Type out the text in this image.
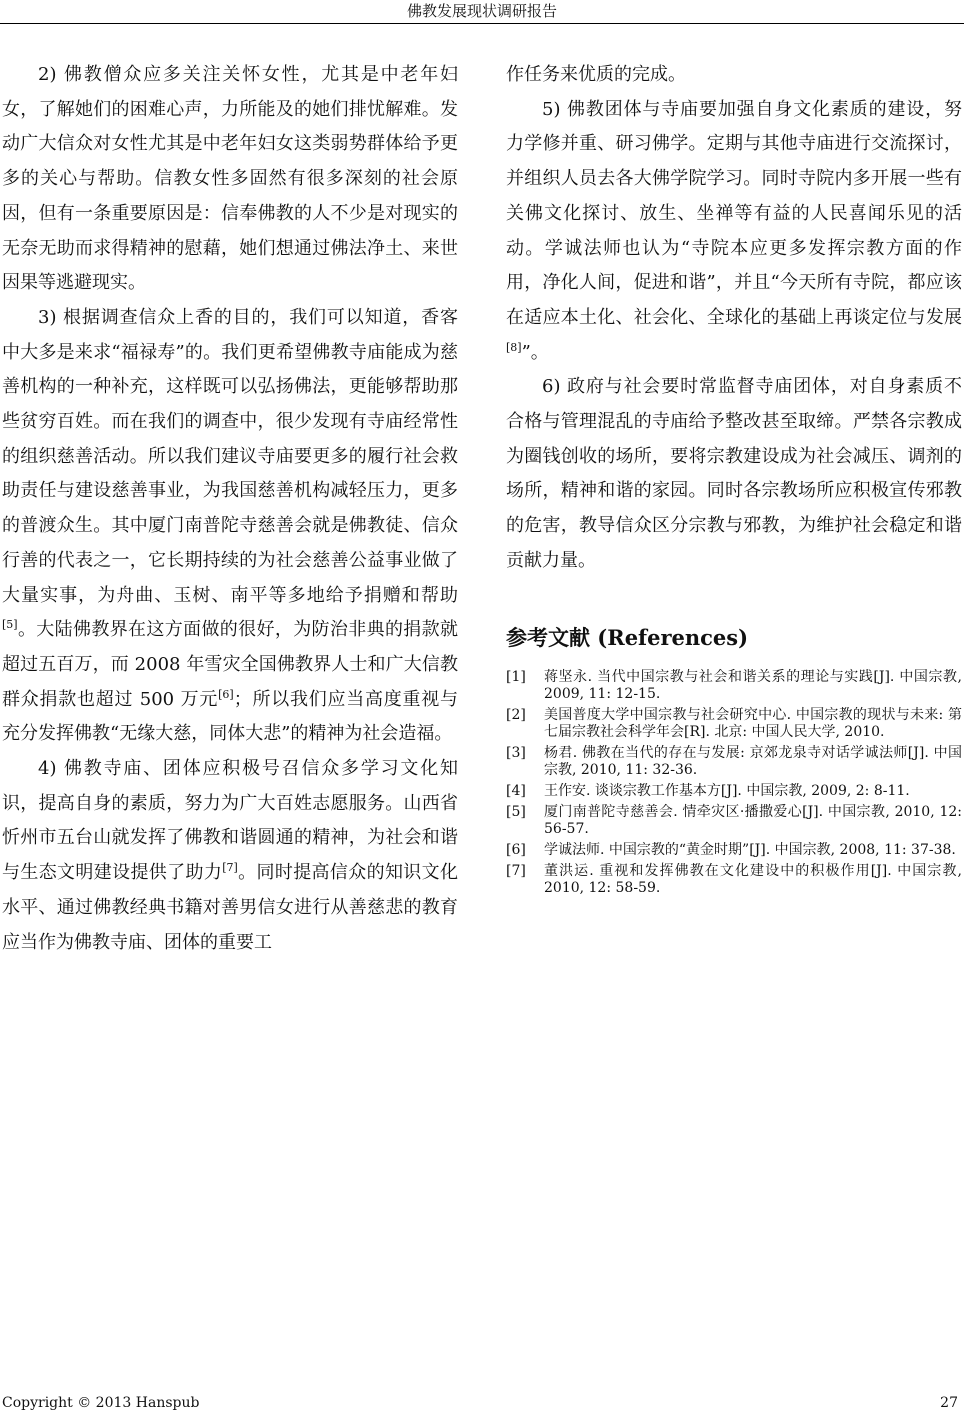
佛教发展现状调研报告

2) 佛教僧众应多关注关怀女性，尤其是中老年妇女，了解她们的困难心声，力所能及的她们排忧解难。发动广大信众对女性尤其是中老年妇女这类弱势群体给予更多的关心与帮助。信教女性多固然有很多深刻的社会原因，但有一条重要原因是：信奉佛教的人不少是对现实的无奈无助而求得精神的慰藉，她们想通过佛法净土、来世因果等逃避现实。

3) 根据调查信众上香的目的，我们可以知道，香客中大多是来求“福禄寿”的。我们更希望佛教寺庙能成为慈善机构的一种补充，这样既可以弘扬佛法，更能够帮助那些贫穷百姓。而在我们的调查中，很少发现有寺庙经常性的组织慈善活动。所以我们建议寺庙要更多的履行社会救助责任与建设慈善事业，为我国慈善机构减轻压力，更多的普渡众生。其中厦门南普陀寺慈善会就是佛教徒、信众行善的代表之一，它长期持续的为社会慈善公益事业做了大量实事，为舟曲、玉树、南平等多地给予捐赠和帮助[5]。大陆佛教界在这方面做的很好，为防治非典的捐款就超过五百万，而 2008 年雪灾全国佛教界人士和广大信教群众捐款也超过 500 万元[6]；所以我们应当高度重视与充分发挥佛教“无缘大慈，同体大悲”的精神为社会造福。

4) 佛教寺庙、团体应积极号召信众多学习文化知识，提高自身的素质，努力为广大百姓志愿服务。山西省忻州市五台山就发挥了佛教和谐圆通的精神，为社会和谐与生态文明建设提供了助力[7]。同时提高信众的知识文化水平、通过佛教经典书籍对善男信女进行从善慈悲的教育应当作为佛教寺庙、团体的重要工

作任务来优质的完成。

5) 佛教团体与寺庙要加强自身文化素质的建设，努力学修并重、研习佛学。定期与其他寺庙进行交流探讨，并组织人员去各大佛学院学习。同时寺院内多开展一些有关佛文化探讨、放生、坐禅等有益的人民喜闻乐见的活动。学诚法师也认为“寺院本应更多发挥宗教方面的作用，净化人间，促进和谐”，并且“今天所有寺院，都应该在适应本土化、社会化、全球化的基础上再谈定位与发展[8]”。

6) 政府与社会要时常监督寺庙团体，对自身素质不合格与管理混乱的寺庙给予整改甚至取缔。严禁各宗教成为圈钱创收的场所，要将宗教建设成为社会减压、调剂的场所，精神和谐的家园。同时各宗教场所应积极宣传邪教的危害，教导信众区分宗教与邪教，为维护社会稳定和谐贡献力量。

参考文献 (References)
[1]	蒋坚永. 当代中国宗教与社会和谐关系的理论与实践[J]. 中国宗教, 2009, 11: 12-15.
[2]	美国普度大学中国宗教与社会研究中心. 中国宗教的现状与未来: 第七届宗教社会科学年会[R]. 北京: 中国人民大学, 2010.
[3]	杨君. 佛教在当代的存在与发展: 京郊龙泉寺对话学诚法师[J]. 中国宗教, 2010, 11: 32-36.
[4]	王作安. 谈谈宗教工作基本方[J]. 中国宗教, 2009, 2: 8-11.
[5]	厦门南普陀寺慈善会. 情牵灾区·播撒爱心[J]. 中国宗教, 2010, 12: 56-57.
[6]	学诚法师. 中国宗教的“黄金时期”[J]. 中国宗教, 2008, 11: 37-38.
[7]	董洪运. 重视和发挥佛教在文化建设中的积极作用[J]. 中国宗教, 2010, 12: 58-59.
Copyright © 2013 Hanspub	27
